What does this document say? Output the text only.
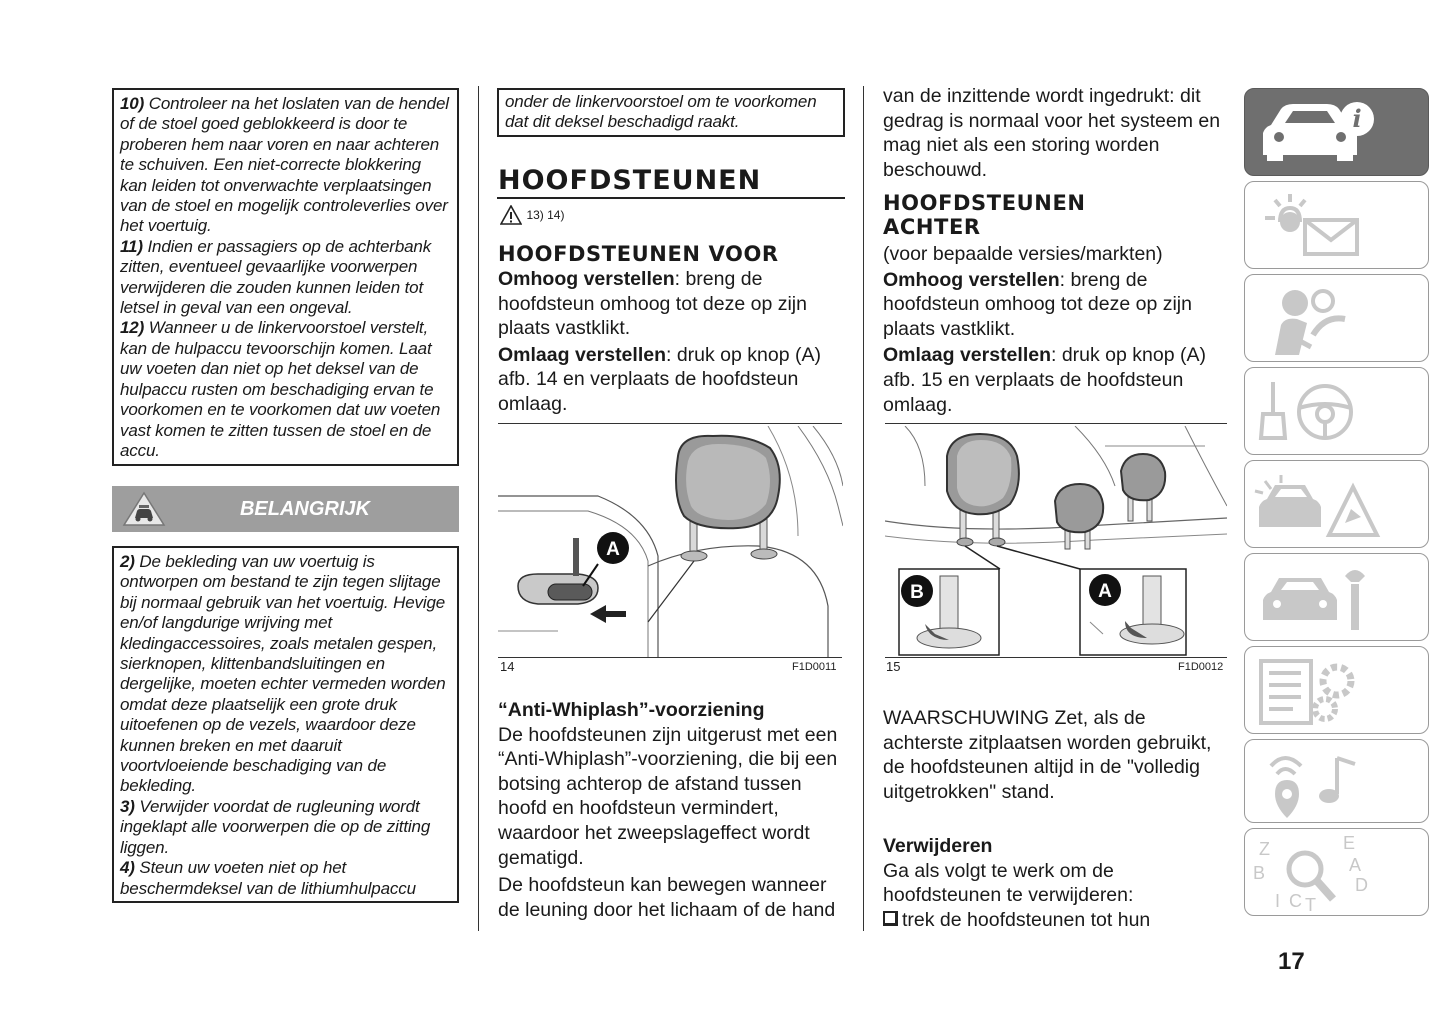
10) Controleer na het loslaten van de hendel of de stoel goed geblokkeerd is door te proberen hem naar voren en naar achteren te schuiven. Een niet-correcte blokkering kan leiden tot onverwachte verplaatsingen van de stoel en mogelijk controleverlies over het voertuig.

11) Indien er passagiers op de achterbank zitten, eventueel gevaarlijke voorwerpen verwijderen die zouden kunnen leiden tot letsel in geval van een ongeval.

12) Wanneer u de linkervoorstoel verstelt, kan de hulpaccu tevoorschijn komen. Laat uw voeten dan niet op het deksel van de hulpaccu rusten om beschadiging ervan te voorkomen en te voorkomen dat uw voeten vast komen te zitten tussen de stoel en de accu.

BELANGRIJK

2) De bekleding van uw voertuig is ontworpen om bestand te zijn tegen slijtage bij normaal gebruik van het voertuig. Hevige en/of langdurige wrijving met kledingaccessoires, zoals metalen gespen, sierknopen, klittenbandsluitingen en dergelijke, moeten echter vermeden worden omdat deze plaatselijk een grote druk uitoefenen op de vezels, waardoor deze kunnen breken en met daaruit voortvloeiende beschadiging van de bekleding.

3) Verwijder voordat de rugleuning wordt ingeklapt alle voorwerpen die op de zitting liggen.

4) Steun uw voeten niet op het beschermdeksel van de lithiumhulpaccu

onder de linkervoorstoel om te voorkomen dat dit deksel beschadigd raakt.

HOOFDSTEUNEN
13) 14)
HOOFDSTEUNEN VOOR

Omhoog verstellen: breng de hoofdsteun omhoog tot deze op zijn plaats vastklikt.

Omlaag verstellen: druk op knop (A) afb. 14 en verplaats de hoofdsteun omlaag.

A
14	F1D0011

“Anti-Whiplash”-voorziening

De hoofdsteunen zijn uitgerust met een “Anti-Whiplash”-voorziening, die bij een botsing achterop de afstand tussen hoofd en hoofdsteun vermindert, waardoor het zweepslageffect wordt gematigd.

De hoofdsteun kan bewegen wanneer de leuning door het lichaam of de hand

van de inzittende wordt ingedrukt: dit gedrag is normaal voor het systeem en mag niet als een storing worden beschouwd.

HOOFDSTEUNEN
ACHTER

(voor bepaalde versies/markten)

Omhoog verstellen: breng de hoofdsteun omhoog tot deze op zijn plaats vastklikt.

Omlaag verstellen: druk op knop (A) afb. 15 en verplaats de hoofdsteun omlaag.

B	A
15	F1D0012

WAARSCHUWING Zet, als de achterste zitplaatsen worden gebruikt, de hoofdsteunen altijd in de "volledig uitgetrokken" stand.

Verwijderen

Ga als volgt te werk om de hoofdsteunen te verwijderen:

trek de hoofdsteunen tot hun

i
Z	E
A
B
D
I C T
17
